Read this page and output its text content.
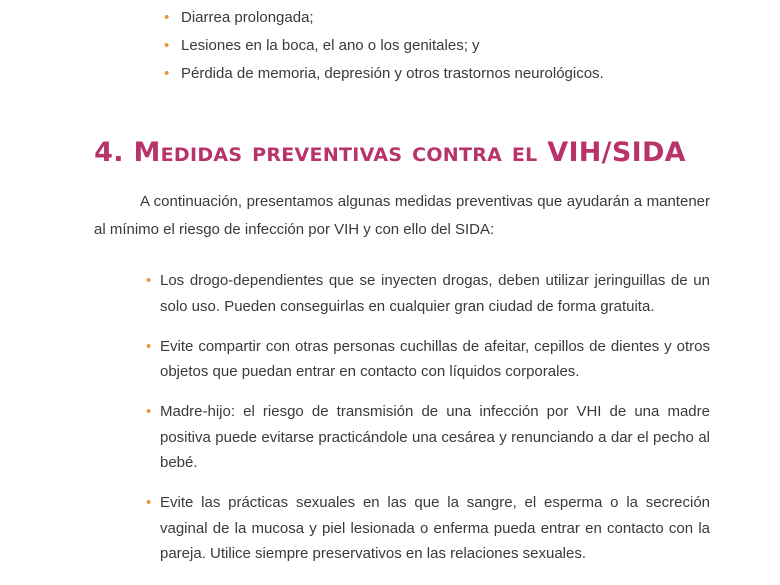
• Diarrea prolongada;
• Lesiones en la boca, el ano o los genitales; y
• Pérdida de memoria, depresión y otros trastornos neurológicos.
4. Medidas preventivas contra el VIH/SIDA

A continuación, presentamos algunas medidas preventivas que ayudarán a mantener al mínimo el riesgo de infección por VIH y con ello del SIDA:

• Los drogo-dependientes que se inyecten drogas, deben utilizar jeringuillas de un solo uso. Pueden conseguirlas en cualquier gran ciudad de forma gratuita.
• Evite compartir con otras personas cuchillas de afeitar, cepillos de dientes y otros objetos que puedan entrar en contacto con líquidos corporales.
• Madre-hijo: el riesgo de transmisión de una infección por VHI de una madre positiva puede evitarse practicándole una cesárea y renunciando a dar el pecho al bebé.
• Evite las prácticas sexuales en las que la sangre, el esperma o la secreción vaginal de la mucosa y piel lesionada o enferma pueda entrar en contacto con la pareja. Utilice siempre preservativos en las relaciones sexuales.
